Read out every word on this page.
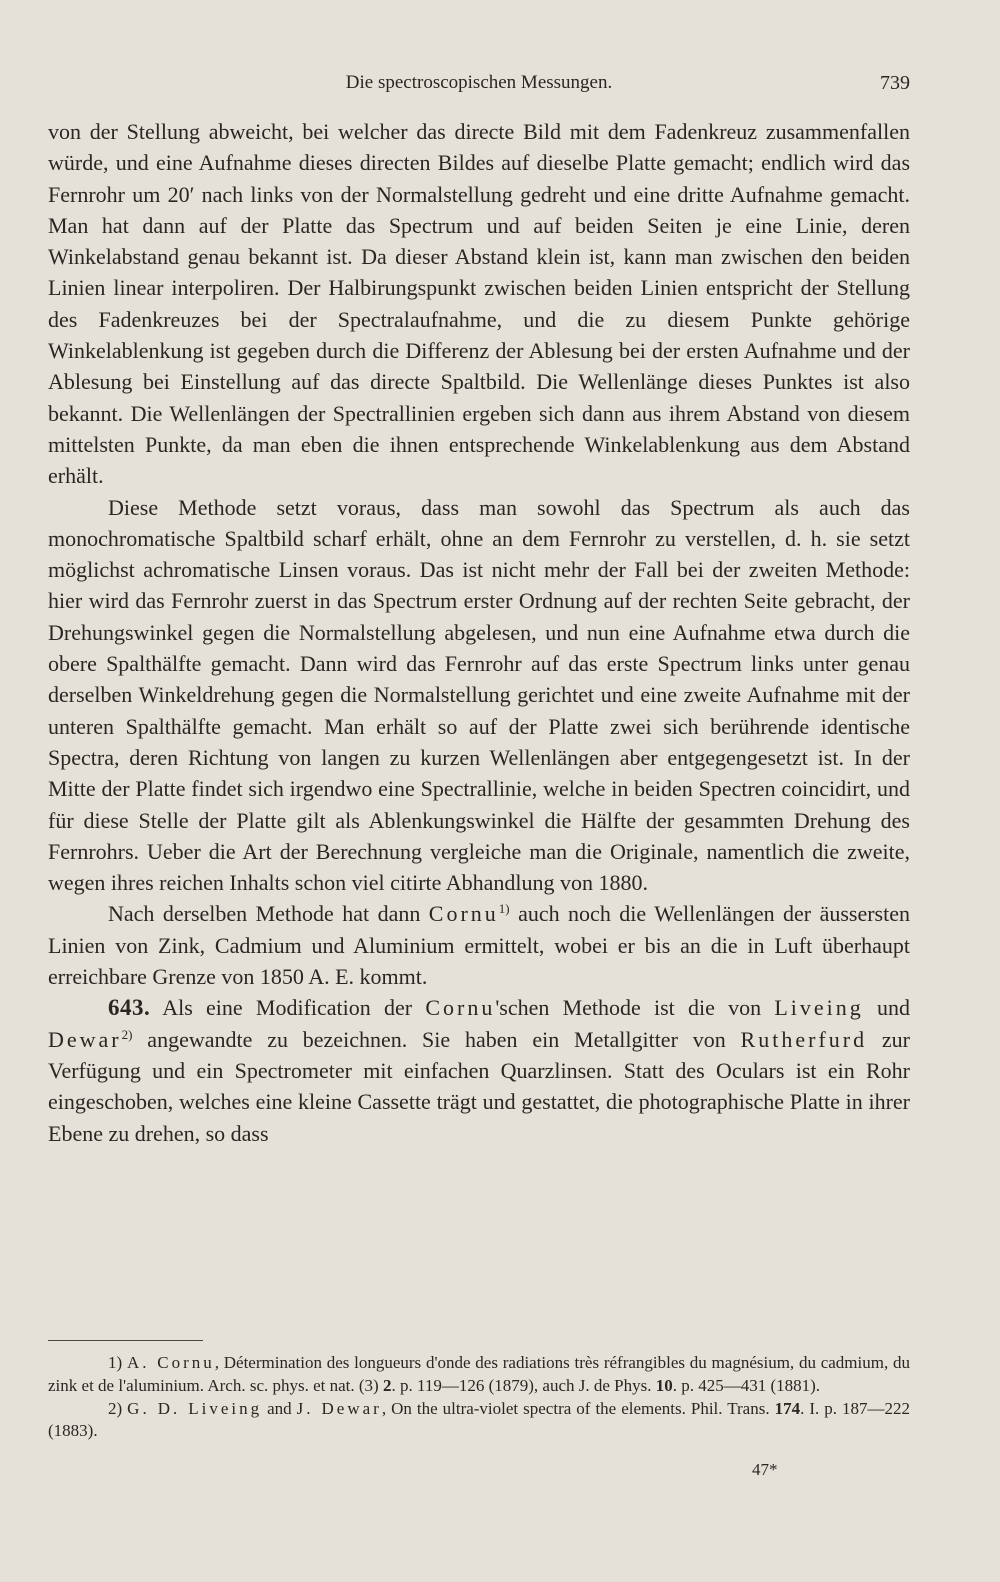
Die spectroscopischen Messungen.	739

von der Stellung abweicht, bei welcher das directe Bild mit dem Fadenkreuz zusammenfallen würde, und eine Aufnahme dieses directen Bildes auf dieselbe Platte gemacht; endlich wird das Fernrohr um 20′ nach links von der Normalstellung gedreht und eine dritte Aufnahme gemacht. Man hat dann auf der Platte das Spectrum und auf beiden Seiten je eine Linie, deren Winkelabstand genau bekannt ist. Da dieser Abstand klein ist, kann man zwischen den beiden Linien linear interpoliren. Der Halbirungspunkt zwischen beiden Linien entspricht der Stellung des Fadenkreuzes bei der Spectralaufnahme, und die zu diesem Punkte gehörige Winkelablenkung ist gegeben durch die Differenz der Ablesung bei der ersten Aufnahme und der Ablesung bei Einstellung auf das directe Spaltbild. Die Wellenlänge dieses Punktes ist also bekannt. Die Wellenlängen der Spectrallinien ergeben sich dann aus ihrem Abstand von diesem mittelsten Punkte, da man eben die ihnen entsprechende Winkelablenkung aus dem Abstand erhält.

Diese Methode setzt voraus, dass man sowohl das Spectrum als auch das monochromatische Spaltbild scharf erhält, ohne an dem Fernrohr zu verstellen, d. h. sie setzt möglichst achromatische Linsen voraus. Das ist nicht mehr der Fall bei der zweiten Methode: hier wird das Fernrohr zuerst in das Spectrum erster Ordnung auf der rechten Seite gebracht, der Drehungswinkel gegen die Normalstellung abgelesen, und nun eine Aufnahme etwa durch die obere Spalthälfte gemacht. Dann wird das Fernrohr auf das erste Spectrum links unter genau derselben Winkeldrehung gegen die Normalstellung gerichtet und eine zweite Aufnahme mit der unteren Spalthälfte gemacht. Man erhält so auf der Platte zwei sich berührende identische Spectra, deren Richtung von langen zu kurzen Wellenlängen aber entgegengesetzt ist. In der Mitte der Platte findet sich irgendwo eine Spectrallinie, welche in beiden Spectren coincidirt, und für diese Stelle der Platte gilt als Ablenkungswinkel die Hälfte der gesammten Drehung des Fernrohrs. Ueber die Art der Berechnung vergleiche man die Originale, namentlich die zweite, wegen ihres reichen Inhalts schon viel citirte Abhandlung von 1880.

Nach derselben Methode hat dann Cornu$^{1)}$ auch noch die Wellenlängen der äussersten Linien von Zink, Cadmium und Aluminium ermittelt, wobei er bis an die in Luft überhaupt erreichbare Grenze von 1850 A. E. kommt.

643. Als eine Modification der Cornu'schen Methode ist die von Liveing und Dewar$^{2)}$ angewandte zu bezeichnen. Sie haben ein Metallgitter von Rutherfurd zur Verfügung und ein Spectrometer mit einfachen Quarzlinsen. Statt des Oculars ist ein Rohr eingeschoben, welches eine kleine Cassette trägt und gestattet, die photographische Platte in ihrer Ebene zu drehen, so dass

1) A. Cornu, Détermination des longueurs d'onde des radiations très réfrangibles du magnésium, du cadmium, du zink et de l'aluminium. Arch. sc. phys. et nat. (3) 2. p. 119—126 (1879), auch J. de Phys. 10. p. 425—431 (1881).

2) G. D. Liveing and J. Dewar, On the ultra-violet spectra of the elements. Phil. Trans. 174. I. p. 187—222 (1883).

47*
